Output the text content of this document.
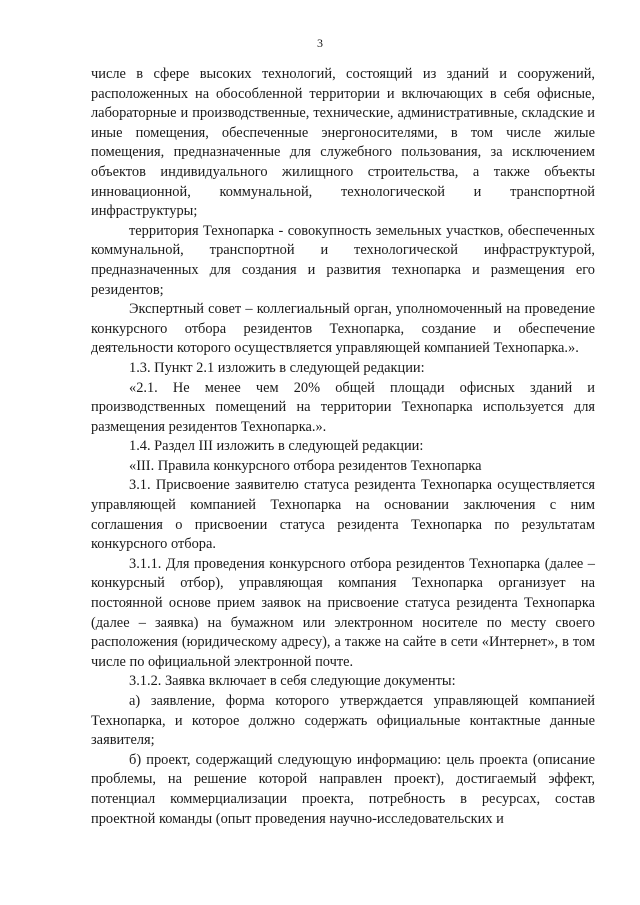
3

числе в сфере высоких технологий, состоящий из зданий и сооружений, расположенных на обособленной территории и включающих в себя офисные, лабораторные и производственные, технические, административные, складские и иные помещения, обеспеченные энергоносителями, в том числе жилые помещения, предназначенные для служебного пользования, за исключением объектов индивидуального жилищного строительства, а также объекты инновационной, коммунальной, технологической и транспортной инфраструктуры;

территория Технопарка - совокупность земельных участков, обеспеченных коммунальной, транспортной и технологической инфраструктурой, предназначенных для создания и развития технопарка и размещения его резидентов;

Экспертный совет – коллегиальный орган, уполномоченный на проведение конкурсного отбора резидентов Технопарка, создание и обеспечение деятельности которого осуществляется управляющей компанией Технопарка.».

1.3. Пункт 2.1 изложить в следующей редакции:

«2.1. Не менее чем 20% общей площади офисных зданий и производственных помещений на территории Технопарка используется для размещения резидентов Технопарка.».

1.4. Раздел III изложить в следующей редакции:

«III. Правила конкурсного отбора резидентов Технопарка

3.1. Присвоение заявителю статуса резидента Технопарка осуществляется управляющей компанией Технопарка на основании заключения с ним соглашения о присвоении статуса резидента Технопарка по результатам конкурсного отбора.

3.1.1. Для проведения конкурсного отбора резидентов Технопарка (далее – конкурсный отбор), управляющая компания Технопарка организует на постоянной основе прием заявок на присвоение статуса резидента Технопарка (далее – заявка) на бумажном или электронном носителе по месту своего расположения (юридическому адресу), а также на сайте в сети «Интернет», в том числе по официальной электронной почте.

3.1.2. Заявка включает в себя следующие документы:

а) заявление, форма которого утверждается управляющей компанией Технопарка, и которое должно содержать официальные контактные данные заявителя;

б) проект, содержащий следующую информацию: цель проекта (описание проблемы, на решение которой направлен проект), достигаемый эффект, потенциал коммерциализации проекта, потребность в ресурсах, состав проектной команды (опыт проведения научно-исследовательских и
